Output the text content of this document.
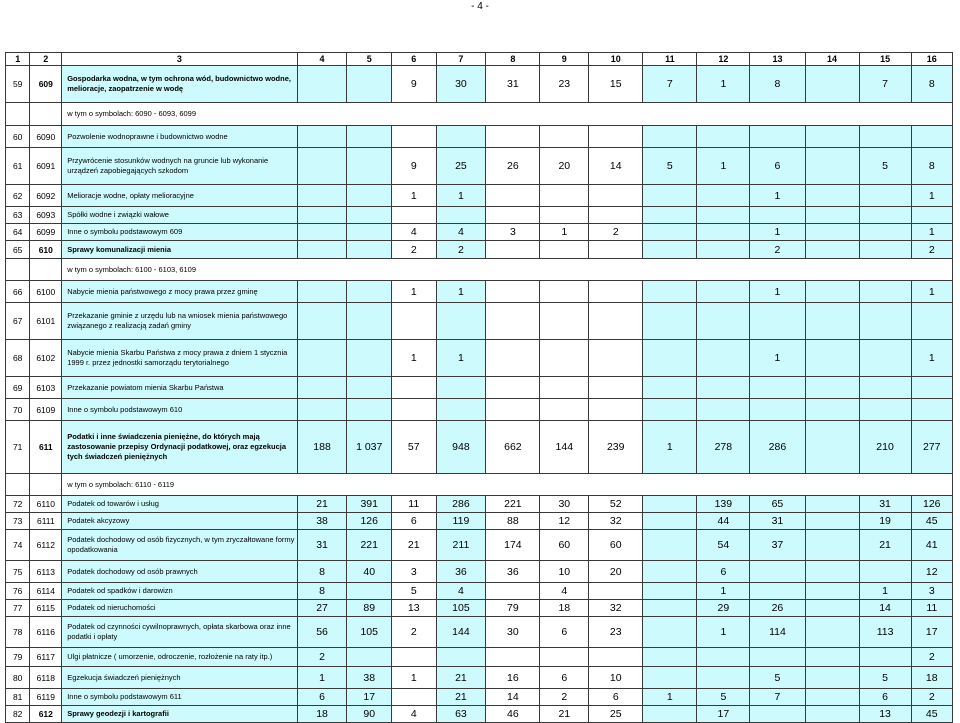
- 4 -
1	2	3	4	5	6	7	8	9	10	11	12	13	14	15	16
59	609	Gospodarka wodna, w tym ochrona wód, budownictwo wodne, melioracje, zaopatrzenie w wodę			9	30	31	23	15	7	1	8		7	8
		w tym o symbolach: 6090 - 6093, 6099													
60	6090	Pozwolenie wodnoprawne i budownictwo wodne													
61	6091	Przywrócenie stosunków wodnych na gruncie lub wykonanie urządzeń zapobiegających szkodom			9	25	26	20	14	5	1	6		5	8
62	6092	Melioracje wodne, opłaty melioracyjne			1	1						1			1
63	6093	Spółki wodne i związki wałowe													
64	6099	Inne o symbolu podstawowym 609			4	4	3	1	2			1			1
65	610	Sprawy komunalizacji mienia			2	2						2			2
		w tym o symbolach: 6100 - 6103, 6109													
66	6100	Nabycie mienia państwowego z mocy prawa przez gminę			1	1						1			1
67	6101	Przekazanie gminie z urzędu lub na wniosek mienia państwowego związanego z realizacją zadań gminy													
68	6102	Nabycie mienia Skarbu Państwa z mocy prawa z dniem 1 stycznia 1999 r. przez jednostki samorządu terytorialnego			1	1						1			1
69	6103	Przekazanie powiatom mienia Skarbu Państwa													
70	6109	Inne o symbolu podstawowym 610													
71	611	Podatki i inne świadczenia pieniężne, do których mają zastosowanie przepisy Ordynacji podatkowej, oraz egzekucja tych świadczeń pieniężnych	188	1 037	57	948	662	144	239	1	278	286		210	277
		w tym o symbolach: 6110 - 6119													
72	6110	Podatek od towarów i usług	21	391	11	286	221	30	52		139	65		31	126
73	6111	Podatek akcyzowy	38	126	6	119	88	12	32		44	31		19	45
74	6112	Podatek dochodowy od osób fizycznych, w tym zryczałtowane formy opodatkowania	31	221	21	211	174	60	60		54	37		21	41
75	6113	Podatek dochodowy od osób prawnych	8	40	3	36	36	10	20		6				12
76	6114	Podatek od spadków i darowizn	8		5	4		4			1			1	3
77	6115	Podatek od nieruchomości	27	89	13	105	79	18	32		29	26		14	11
78	6116	Podatek od czynności cywilnoprawnych, opłata skarbowa oraz inne podatki i opłaty	56	105	2	144	30	6	23		1	114		113	17
79	6117	Ulgi płatnicze ( umorzenie, odroczenie, rozłożenie na raty itp.)	2												2
80	6118	Egzekucja świadczeń pieniężnych	1	38	1	21	16	6	10			5		5	18
81	6119	Inne o symbolu podstawowym 611	6	17		21	14	2	6	1	5	7		6	2
82	612	Sprawy geodezji i kartografii	18	90	4	63	46	21	25		17			13	45
